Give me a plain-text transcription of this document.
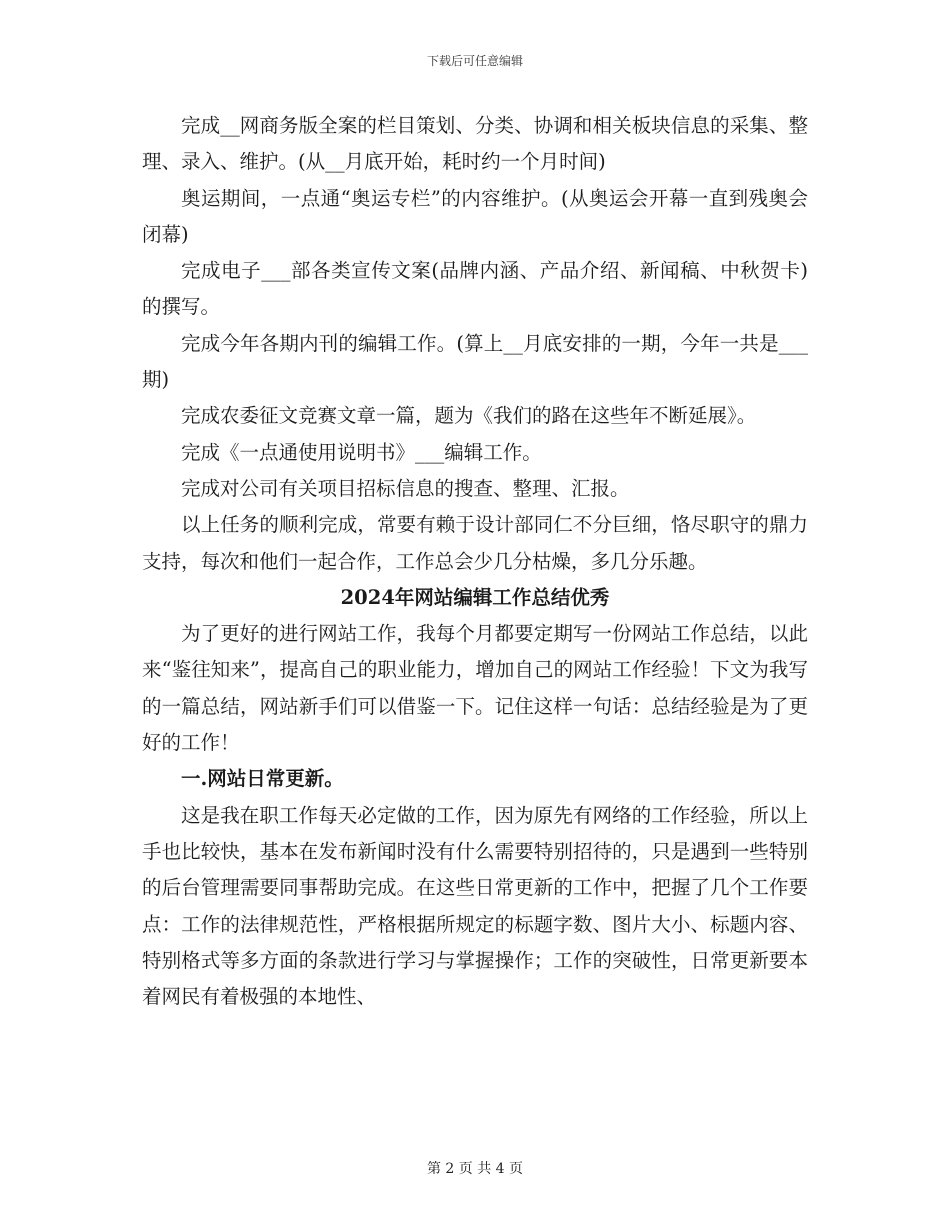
下载后可任意编辑

完成__网商务版全案的栏目策划、分类、协调和相关板块信息的采集、整理、录入、维护。(从__月底开始，耗时约一个月时间)

奥运期间，一点通“奥运专栏”的内容维护。(从奥运会开幕一直到残奥会闭幕)

完成电子___部各类宣传文案(品牌内涵、产品介绍、新闻稿、中秋贺卡)的撰写。

完成今年各期内刊的编辑工作。(算上__月底安排的一期，今年一共是___期)

完成农委征文竞赛文章一篇，题为《我们的路在这些年不断延展》。

完成《一点通使用说明书》___编辑工作。

完成对公司有关项目招标信息的搜查、整理、汇报。

以上任务的顺利完成，常要有赖于设计部同仁不分巨细，恪尽职守的鼎力支持，每次和他们一起合作，工作总会少几分枯燥，多几分乐趣。

2024年网站编辑工作总结优秀

为了更好的进行网站工作，我每个月都要定期写一份网站工作总结，以此来“鉴往知来”，提高自己的职业能力，增加自己的网站工作经验！下文为我写的一篇总结，网站新手们可以借鉴一下。记住这样一句话：总结经验是为了更好的工作！

一.网站日常更新。

这是我在职工作每天必定做的工作，因为原先有网络的工作经验，所以上手也比较快，基本在发布新闻时没有什么需要特别招待的，只是遇到一些特别的后台管理需要同事帮助完成。在这些日常更新的工作中，把握了几个工作要点：工作的法律规范性，严格根据所规定的标题字数、图片大小、标题内容、特别格式等多方面的条款进行学习与掌握操作；工作的突破性，日常更新要本着网民有着极强的本地性、

第 2 页 共 4 页
